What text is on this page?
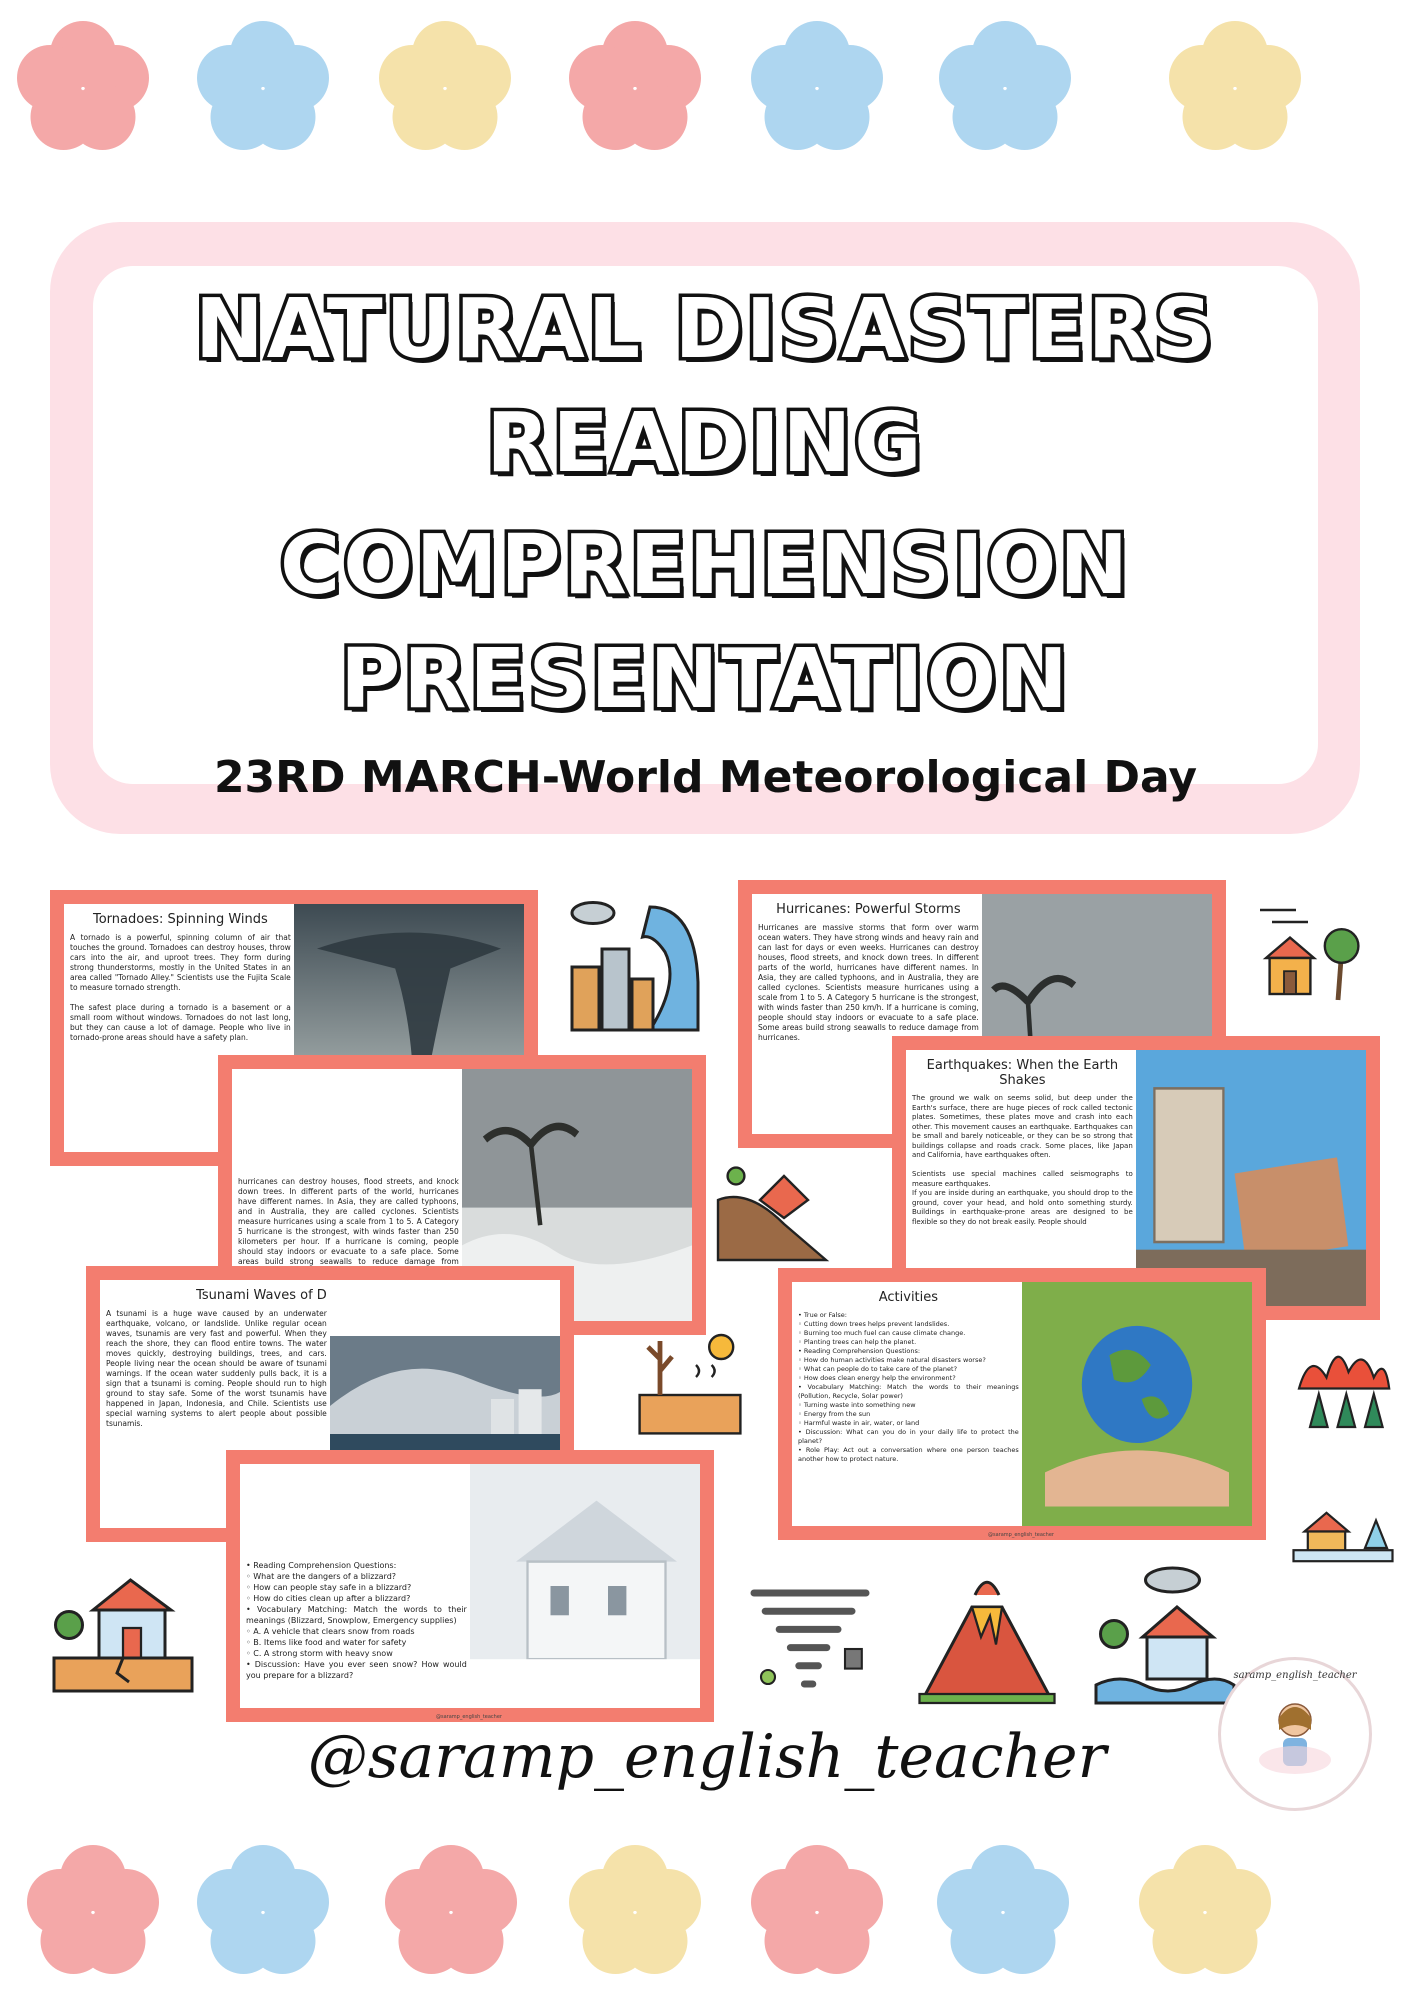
NATURAL DISASTERS
READING
COMPREHENSION
PRESENTATION
23RD MARCH-World Meteorological Day
Tornadoes: Spinning Winds
A tornado is a powerful, spinning column of air that touches the ground. Tornadoes can destroy houses, throw cars into the air, and uproot trees. They form during strong thunderstorms, mostly in the United States in an area called "Tornado Alley." Scientists use the Fujita Scale to measure tornado strength.

The safest place during a tornado is a basement or a small room without windows. Tornadoes do not last long, but they can cause a lot of damage. People who live in tornado-prone areas should have a safety plan.
hurricanes can destroy houses, flood streets, and knock down trees. In different parts of the world, hurricanes have different names. In Asia, they are called typhoons, and in Australia, they are called cyclones. Scientists measure hurricanes using a scale from 1 to 5. A Category 5 hurricane is the strongest, with winds faster than 250 kilometers per hour. If a hurricane is coming, people should stay indoors or evacuate to a safe place. Some areas build strong seawalls to reduce damage from
Tsunami Waves of D
A tsunami is a huge wave caused by an underwater earthquake, volcano, or landslide. Unlike regular ocean waves, tsunamis are very fast and powerful. When they reach the shore, they can flood entire towns. The water moves quickly, destroying buildings, trees, and cars. People living near the ocean should be aware of tsunami warnings. If the ocean water suddenly pulls back, it is a sign that a tsunami is coming. People should run to high ground to stay safe. Some of the worst tsunamis have happened in Japan, Indonesia, and Chile. Scientists use special warning systems to alert people about possible tsunamis.
• Reading Comprehension Questions:
◦ What are the dangers of a blizzard?
◦ How can people stay safe in a blizzard?
◦ How do cities clean up after a blizzard?
• Vocabulary Matching: Match the words to their meanings (Blizzard, Snowplow, Emergency supplies)
◦ A. A vehicle that clears snow from roads
◦ B. Items like food and water for safety
◦ C. A strong storm with heavy snow
• Discussion: Have you ever seen snow? How would you prepare for a blizzard?
@saramp_english_teacher
Hurricanes: Powerful Storms
Hurricanes are massive storms that form over warm ocean waters. They have strong winds and heavy rain and can last for days or even weeks. Hurricanes can destroy houses, flood streets, and knock down trees. In different parts of the world, hurricanes have different names. In Asia, they are called typhoons, and in Australia, they are called cyclones. Scientists measure hurricanes using a scale from 1 to 5. A Category 5 hurricane is the strongest, with winds faster than 250 km/h. If a hurricane is coming, people should stay indoors or evacuate to a safe place. Some areas build strong seawalls to reduce damage from hurricanes.
Earthquakes: When the Earth Shakes
The ground we walk on seems solid, but deep under the Earth's surface, there are huge pieces of rock called tectonic plates. Sometimes, these plates move and crash into each other. This movement causes an earthquake. Earthquakes can be small and barely noticeable, or they can be so strong that buildings collapse and roads crack. Some places, like Japan and California, have earthquakes often.

Scientists use special machines called seismographs to measure earthquakes.
If you are inside during an earthquake, you should drop to the ground, cover your head, and hold onto something sturdy. Buildings in earthquake-prone areas are designed to be flexible so they do not break easily. People should
Activities
• True or False:
◦ Cutting down trees helps prevent landslides.
◦ Burning too much fuel can cause climate change.
◦ Planting trees can help the planet.
• Reading Comprehension Questions:
◦ How do human activities make natural disasters worse?
◦ What can people do to take care of the planet?
◦ How does clean energy help the environment?
• Vocabulary Matching: Match the words to their meanings (Pollution, Recycle, Solar power)
◦ Turning waste into something new
◦ Energy from the sun
◦ Harmful waste in air, water, or land
• Discussion: What can you do in your daily life to protect the planet?
• Role Play: Act out a conversation where one person teaches another how to protect nature.
@saramp_english_teacher
@saramp_english_teacher
saramp_english_teacher
